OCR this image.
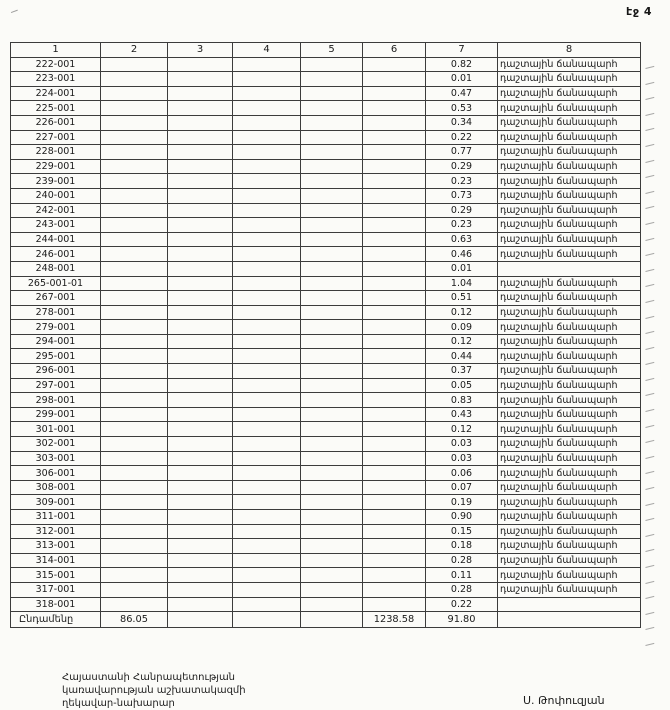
էջ 4
1	2	3	4	5	6	7	8
222-001						0.82	դաշտային ճանապարհ
223-001						0.01	դաշտային ճանապարհ
224-001						0.47	դաշտային ճանապարհ
225-001						0.53	դաշտային ճանապարհ
226-001						0.34	դաշտային ճանապարհ
227-001						0.22	դաշտային ճանապարհ
228-001						0.77	դաշտային ճանապարհ
229-001						0.29	դաշտային ճանապարհ
239-001						0.23	դաշտային ճանապարհ
240-001						0.73	դաշտային ճանապարհ
242-001						0.29	դաշտային ճանապարհ
243-001						0.23	դաշտային ճանապարհ
244-001						0.63	դաշտային ճանապարհ
246-001						0.46	դաշտային ճանապարհ
248-001						0.01	
265-001-01						1.04	դաշտային ճանապարհ
267-001						0.51	դաշտային ճանապարհ
278-001						0.12	դաշտային ճանապարհ
279-001						0.09	դաշտային ճանապարհ
294-001						0.12	դաշտային ճանապարհ
295-001						0.44	դաշտային ճանապարհ
296-001						0.37	դաշտային ճանապարհ
297-001						0.05	դաշտային ճանապարհ
298-001						0.83	դաշտային ճանապարհ
299-001						0.43	դաշտային ճանապարհ
301-001						0.12	դաշտային ճանապարհ
302-001						0.03	դաշտային ճանապարհ
303-001						0.03	դաշտային ճանապարհ
306-001						0.06	դաշտային ճանապարհ
308-001						0.07	դաշտային ճանապարհ
309-001						0.19	դաշտային ճանապարհ
311-001						0.90	դաշտային ճանապարհ
312-001						0.15	դաշտային ճանապարհ
313-001						0.18	դաշտային ճանապարհ
314-001						0.28	դաշտային ճանապարհ
315-001						0.11	դաշտային ճանապարհ
317-001						0.28	դաշտային ճանապարհ
318-001						0.22	
Ընդամենը	86.05				1238.58	91.80	
Հայաստանի Հանրապետության
կառավարության աշխատակազմի
ղեկավար-նախարար	Ս. Թոփուզյան
